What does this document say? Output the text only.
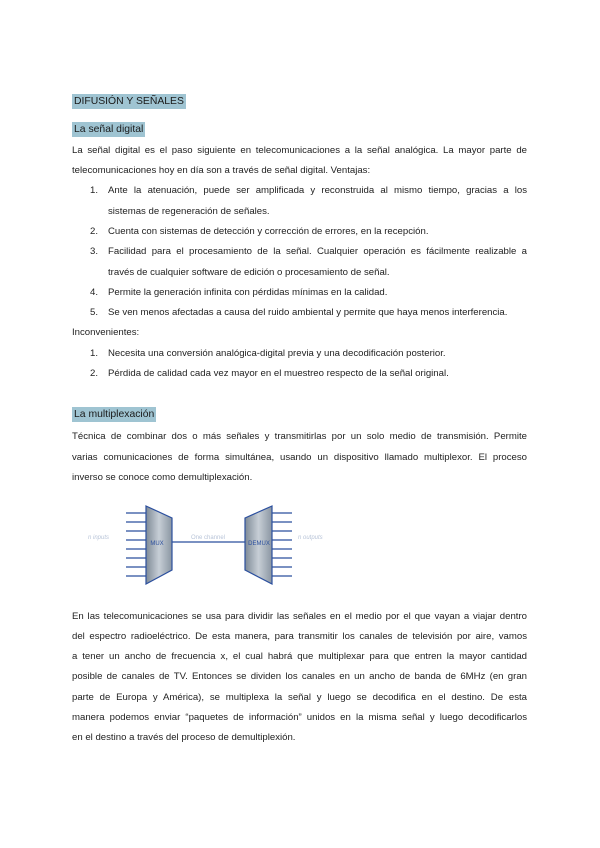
DIFUSIÓN Y SEÑALES
La señal digital
La señal digital es el paso siguiente en telecomunicaciones a la señal analógica. La mayor parte de
telecomunicaciones hoy en día son a través de señal digital. Ventajas:
1. Ante la atenuación, puede ser amplificada y reconstruida al mismo tiempo, gracias a los
sistemas de regeneración de señales.
2. Cuenta con sistemas de detección y corrección de errores, en la recepción.
3. Facilidad para el procesamiento de la señal. Cualquier operación es fácilmente realizable a
través de cualquier software de edición o procesamiento de señal.
4. Permite la generación infinita con pérdidas mínimas en la calidad.
5. Se ven menos afectadas a causa del ruido ambiental y permite que haya menos interferencia.
Inconvenientes:
1. Necesita una conversión analógica-digital previa y una decodificación posterior.
2. Pérdida de calidad cada vez mayor en el muestreo respecto de la señal original.
La multiplexación
Técnica de combinar dos o más señales y transmitirlas por un solo medio de transmisión. Permite
varias comunicaciones de forma simultánea, usando un dispositivo llamado multiplexor. El proceso
inverso se conoce como demultiplexación.
MUX
One channel
DEMUX
n inputs	n outputs
En las telecomunicaciones se usa para dividir las señales en el medio por el que vayan a viajar dentro
del espectro radioeléctrico. De esta manera, para transmitir los canales de televisión por aire, vamos
a tener un ancho de frecuencia x, el cual habrá que multiplexar para que entren la mayor cantidad
posible de canales de TV. Entonces se dividen los canales en un ancho de banda de 6MHz (en gran
parte de Europa y América), se multiplexa la señal y luego se decodifica en el destino. De esta
manera podemos enviar “paquetes de información” unidos en la misma señal y luego decodificarlos
en el destino a través del proceso de demultiplexión.
